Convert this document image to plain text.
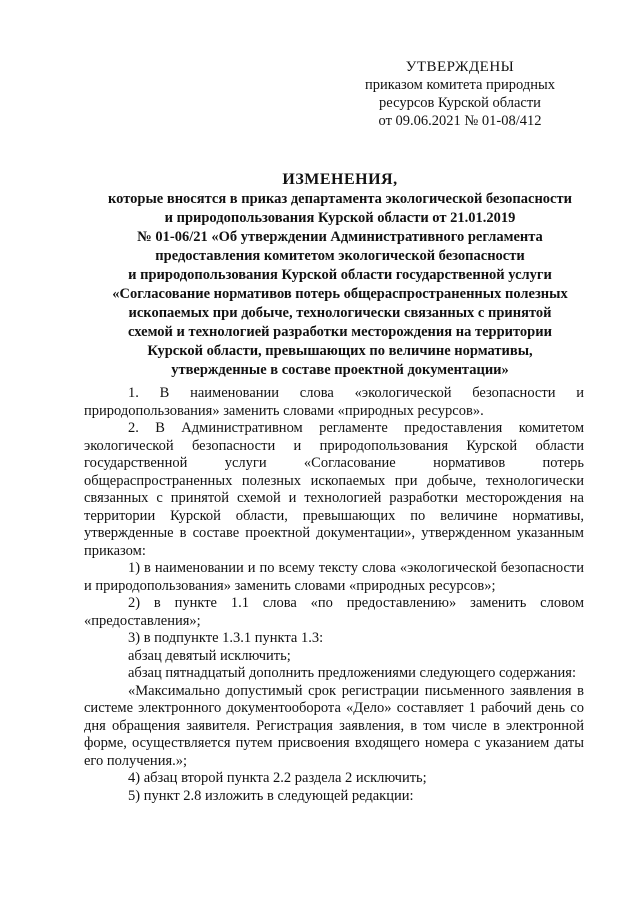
УТВЕРЖДЕНЫ
приказом комитета природных
ресурсов Курской области
от 09.06.2021 № 01-08/412
ИЗМЕНЕНИЯ,
которые вносятся в приказ департамента экологической безопасности
и природопользования Курской области от 21.01.2019
№ 01-06/21 «Об утверждении Административного регламента
предоставления комитетом экологической безопасности
и природопользования Курской области государственной услуги
«Согласование нормативов потерь общераспространенных полезных
ископаемых при добыче, технологически связанных с принятой
схемой и технологией разработки месторождения на территории
Курской области, превышающих по величине нормативы,
утвержденные в составе проектной документации»

1. В наименовании слова «экологической безопасности и природопользования» заменить словами «природных ресурсов».

2. В Административном регламенте предоставления комитетом экологической безопасности и природопользования Курской области государственной услуги «Согласование нормативов потерь общераспространенных полезных ископаемых при добыче, технологически связанных с принятой схемой и технологией разработки месторождения на территории Курской области, превышающих по величине нормативы, утвержденные в составе проектной документации», утвержденном указанным приказом:

1) в наименовании и по всему тексту слова «экологической безопасности и природопользования» заменить словами «природных ресурсов»;

2) в пункте 1.1 слова «по предоставлению» заменить словом «предоставления»;

3) в подпункте 1.3.1 пункта 1.3:

абзац девятый исключить;

абзац пятнадцатый дополнить предложениями следующего содержания:

«Максимально допустимый срок регистрации письменного заявления в системе электронного документооборота «Дело» составляет 1 рабочий день со дня обращения заявителя. Регистрация заявления, в том числе в электронной форме, осуществляется путем присвоения входящего номера с указанием даты его получения.»;

4) абзац второй пункта 2.2 раздела 2 исключить;

5) пункт 2.8 изложить в следующей редакции:
